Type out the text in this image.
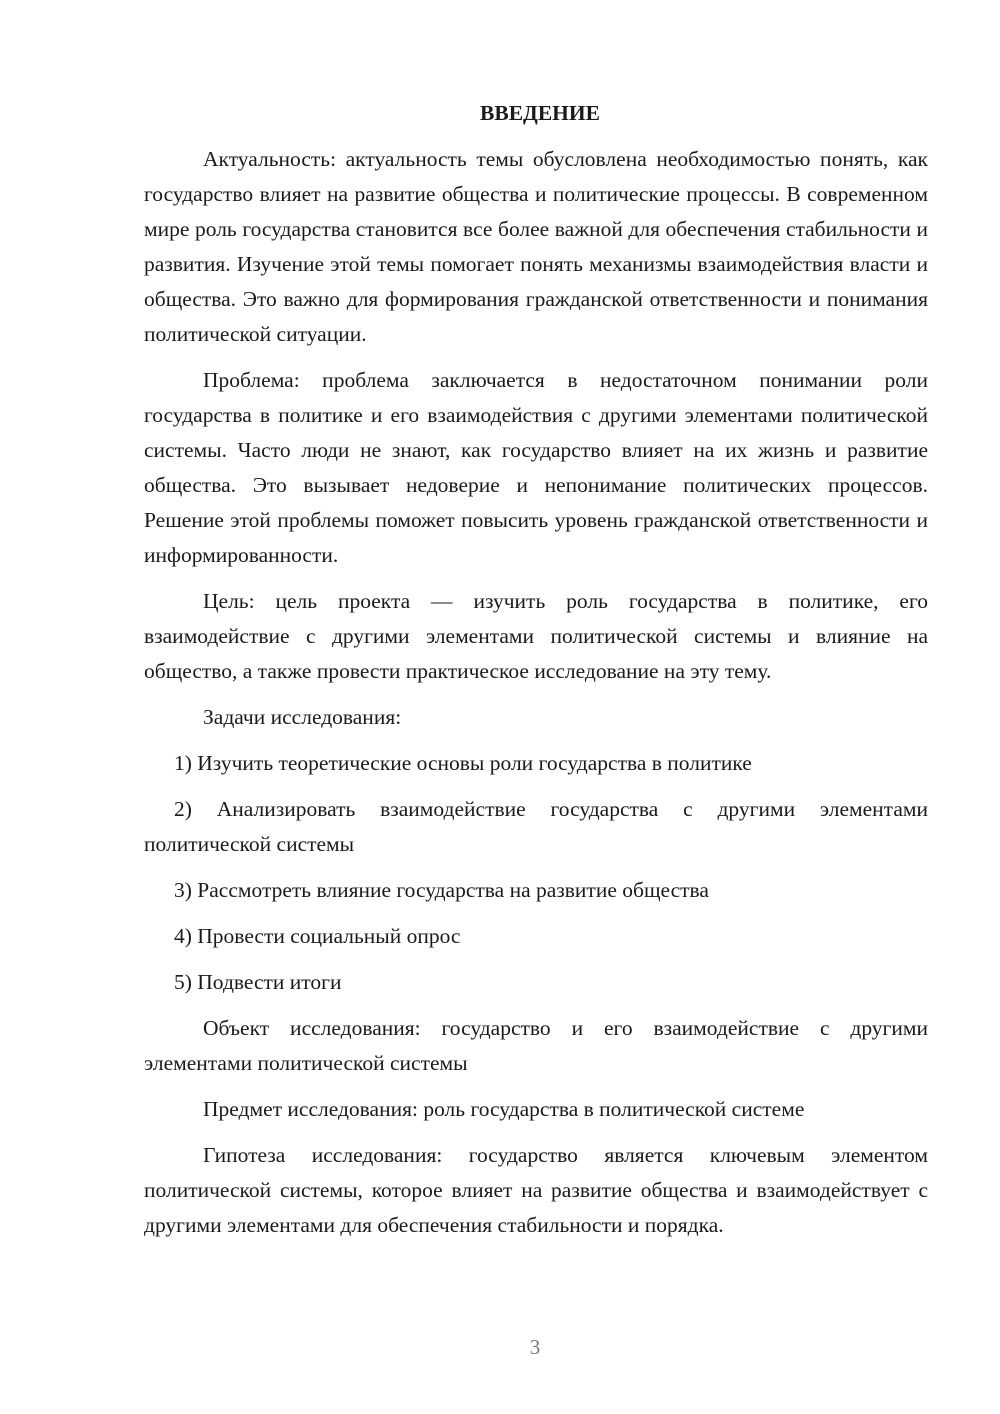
ВВЕДЕНИЕ

Актуальность: актуальность темы обусловлена необходимостью понять, как государство влияет на развитие общества и политические процессы. В современном мире роль государства становится все более важной для обеспечения стабильности и развития. Изучение этой темы помогает понять механизмы взаимодействия власти и общества. Это важно для формирования гражданской ответственности и понимания политической ситуации.

Проблема: проблема заключается в недостаточном понимании роли государства в политике и его взаимодействия с другими элементами политической системы. Часто люди не знают, как государство влияет на их жизнь и развитие общества. Это вызывает недоверие и непонимание политических процессов. Решение этой проблемы поможет повысить уровень гражданской ответственности и информированности.

Цель: цель проекта — изучить роль государства в политике, его взаимодействие с другими элементами политической системы и влияние на общество, а также провести практическое исследование на эту тему.

Задачи исследования:

1) Изучить теоретические основы роли государства в политике

2) Анализировать взаимодействие государства с другими элементами политической системы

3) Рассмотреть влияние государства на развитие общества

4) Провести социальный опрос

5) Подвести итоги

Объект исследования: государство и его взаимодействие с другими элементами политической системы

Предмет исследования: роль государства в политической системе

Гипотеза исследования: государство является ключевым элементом политической системы, которое влияет на развитие общества и взаимодействует с другими элементами для обеспечения стабильности и порядка.

3
